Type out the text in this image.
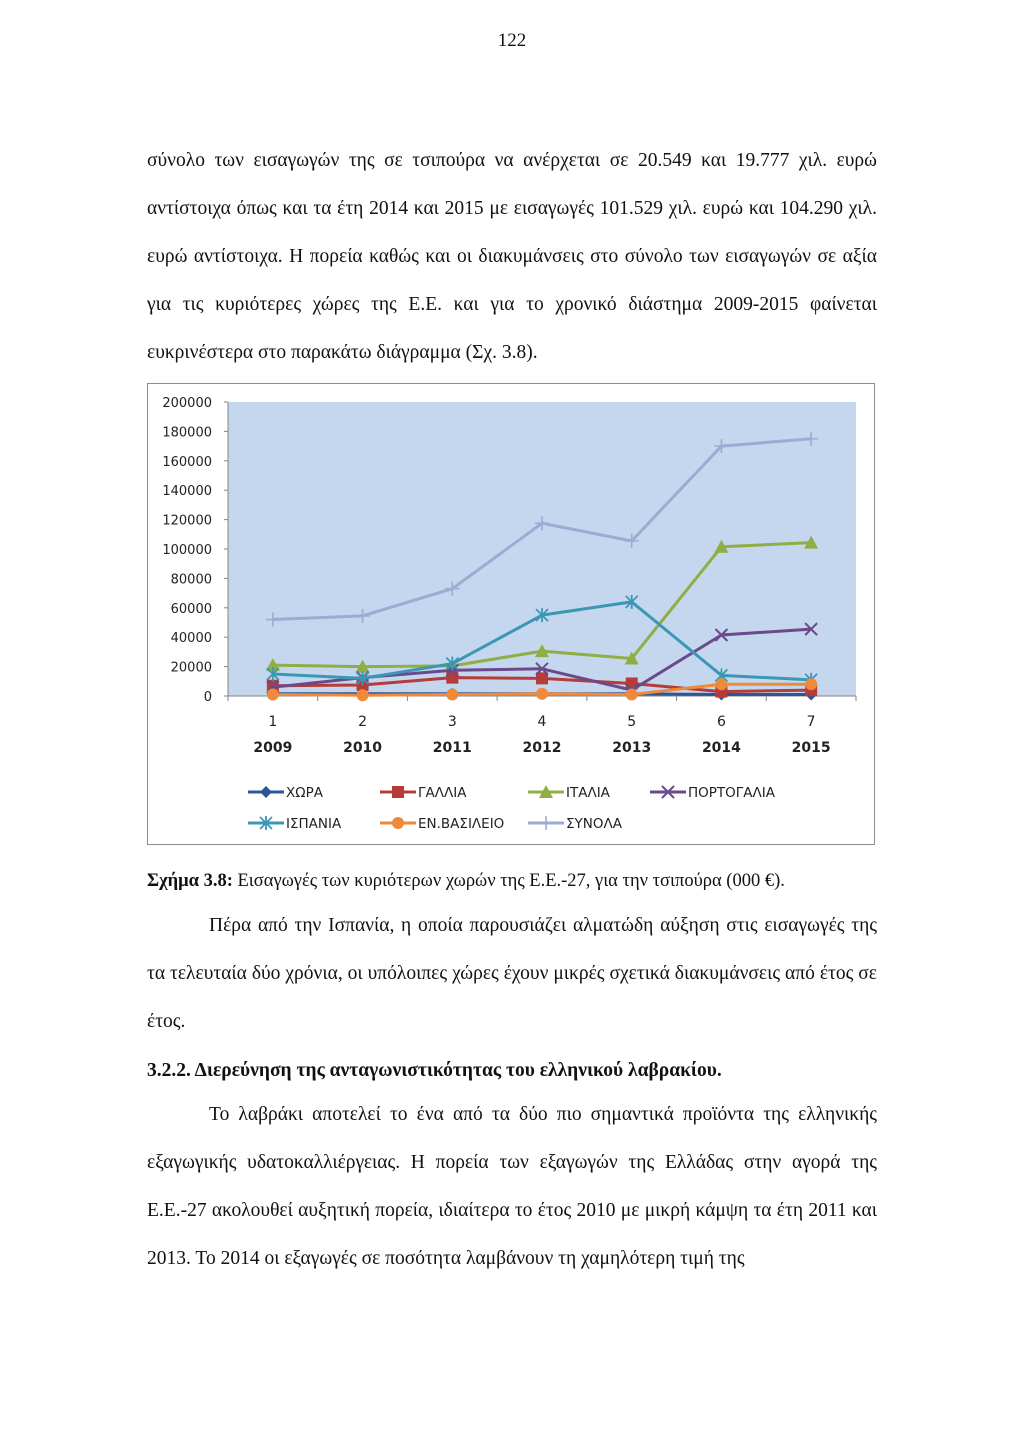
122

σύνολο των εισαγωγών της σε τσιπούρα να ανέρχεται σε 20.549 και 19.777 χιλ. ευρώ αντίστοιχα όπως και τα έτη 2014 και 2015 με εισαγωγές 101.529 χιλ. ευρώ και 104.290 χιλ. ευρώ αντίστοιχα. Η πορεία καθώς και οι διακυμάνσεις στο σύνολο των εισαγωγών σε αξία για τις κυριότερες χώρες της Ε.Ε. και για το χρονικό διάστημα 2009-2015 φαίνεται ευκρινέστερα στο παρακάτω διάγραμμα (Σχ. 3.8).

0
20000
40000
60000
80000
100000
120000
140000
160000
180000
200000
1	2	3	4	5	6	7
2009	2010	2011	2012	2013	2014	2015
ΧΩΡΑ	ΓΑΛΛΙΑ	ΙΤΑΛΙΑ	ΠΟΡΤΟΓΑΛΙΑ
ΙΣΠΑΝΙΑ	ΕΝ.ΒΑΣΙΛΕΙΟ	ΣΥΝΟΛΑ
Σχήμα 3.8: Εισαγωγές των κυριότερων χωρών της Ε.Ε.-27, για την τσιπούρα (000 €).

Πέρα από την Ισπανία, η οποία παρουσιάζει αλματώδη αύξηση στις εισαγωγές της τα τελευταία δύο χρόνια, οι υπόλοιπες χώρες έχουν μικρές σχετικά διακυμάνσεις από έτος σε έτος.

3.2.2. Διερεύνηση της ανταγωνιστικότητας του ελληνικού λαβρακίου.

Το λαβράκι αποτελεί το ένα από τα δύο πιο σημαντικά προϊόντα της ελληνικής εξαγωγικής υδατοκαλλιέργειας. Η πορεία των εξαγωγών της Ελλάδας στην αγορά της Ε.Ε.-27 ακολουθεί αυξητική πορεία, ιδιαίτερα το έτος 2010 με μικρή κάμψη τα έτη 2011 και 2013. Το 2014 οι εξαγωγές σε ποσότητα λαμβάνουν τη χαμηλότερη τιμή της
